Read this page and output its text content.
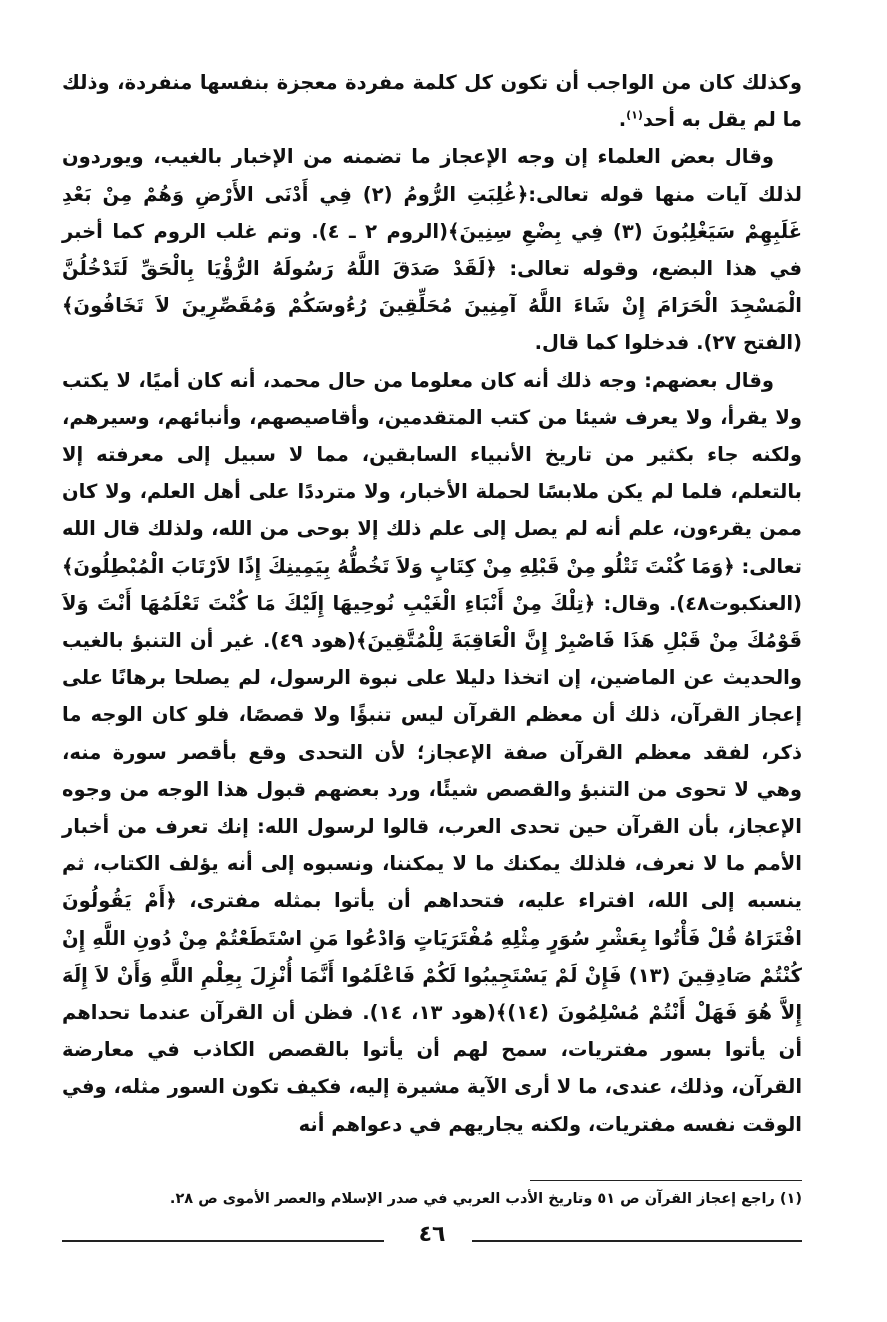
وكذلك كان من الواجب أن تكون كل كلمة مفردة معجزة بنفسها منفردة، وذلك ما لم يقل به أحد$^{(١)}$.

وقال بعض العلماء إن وجه الإعجاز ما تضمنه من الإخبار بالغيب، ويوردون لذلك آيات منها قوله تعالى:﴿غُلِبَتِ الرُّومُ (٢) فِي أَدْنَى الأَرْضِ وَهُمْ مِنْ بَعْدِ غَلَبِهِمْ سَيَغْلِبُونَ (٣) فِي بِضْعِ سِنِينَ﴾(الروم ٢ ـ ٤). وتم غلب الروم كما أخبر في هذا البضع، وقوله تعالى: ﴿لَقَدْ صَدَقَ اللَّهُ رَسُولَهُ الرُّؤْيَا بِالْحَقِّ لَتَدْخُلُنَّ الْمَسْجِدَ الْحَرَامَ إِنْ شَاءَ اللَّهُ آمِنِينَ مُحَلِّقِينَ رُءُوسَكُمْ وَمُقَصِّرِينَ لاَ تَخَافُونَ﴾(الفتح ٢٧). فدخلوا كما قال.

وقال بعضهم: وجه ذلك أنه كان معلوما من حال محمد، أنه كان أميًا، لا يكتب ولا يقرأ، ولا يعرف شيئا من كتب المتقدمين، وأقاصيصهم، وأنبائهم، وسيرهم، ولكنه جاء بكثير من تاريخ الأنبياء السابقين، مما لا سبيل إلى معرفته إلا بالتعلم، فلما لم يكن ملابسًا لحملة الأخبار، ولا مترددًا على أهل العلم، ولا كان ممن يقرءون، علم أنه لم يصل إلى علم ذلك إلا بوحى من الله، ولذلك قال الله تعالى: ﴿وَمَا كُنْتَ تَتْلُو مِنْ قَبْلِهِ مِنْ كِتَابٍ وَلاَ تَخُطُّهُ بِيَمِينِكَ إِذًا لاَرْتَابَ الْمُبْطِلُونَ﴾(العنكبوت٤٨). وقال: ﴿تِلْكَ مِنْ أَنْبَاءِ الْغَيْبِ نُوحِيهَا إِلَيْكَ مَا كُنْتَ تَعْلَمُهَا أَنْتَ وَلاَ قَوْمُكَ مِنْ قَبْلِ هَذَا فَاصْبِرْ إِنَّ الْعَاقِبَةَ لِلْمُتَّقِينَ﴾(هود ٤٩). غير أن التنبؤ بالغيب والحديث عن الماضين، إن اتخذا دليلا على نبوة الرسول، لم يصلحا برهانًا على إعجاز القرآن، ذلك أن معظم القرآن ليس تنبؤًا ولا قصصًا، فلو كان الوجه ما ذكر، لفقد معظم القرآن صفة الإعجاز؛ لأن التحدى وقع بأقصر سورة منه، وهي لا تحوى من التنبؤ والقصص شيئًا، ورد بعضهم قبول هذا الوجه من وجوه الإعجاز، بأن القرآن حين تحدى العرب، قالوا لرسول الله: إنك تعرف من أخبار الأمم ما لا نعرف، فلذلك يمكنك ما لا يمكننا، ونسبوه إلى أنه يؤلف الكتاب، ثم ينسبه إلى الله، افتراء عليه، فتحداهم أن يأتوا بمثله مفترى، ﴿أَمْ يَقُولُونَ افْتَرَاهُ قُلْ فَأْتُوا بِعَشْرِ سُوَرٍ مِثْلِهِ مُفْتَرَيَاتٍ وَادْعُوا مَنِ اسْتَطَعْتُمْ مِنْ دُونِ اللَّهِ إِنْ كُنْتُمْ صَادِقِينَ (١٣) فَإِنْ لَمْ يَسْتَجِيبُوا لَكُمْ فَاعْلَمُوا أَنَّمَا أُنْزِلَ بِعِلْمِ اللَّهِ وَأَنْ لاَ إِلَهَ إِلاَّ هُوَ فَهَلْ أَنْتُمْ مُسْلِمُونَ (١٤)﴾(هود ١٣، ١٤). فظن أن القرآن عندما تحداهم أن يأتوا بسور مفتريات، سمح لهم أن يأتوا بالقصص الكاذب في معارضة القرآن، وذلك، عندى، ما لا أرى الآية مشيرة إليه، فكيف تكون السور مثله، وفي الوقت نفسه مفتريات، ولكنه يجاريهم في دعواهم أنه

(١) راجع إعجاز القرآن ص ٥١ وتاريخ الأدب العربي في صدر الإسلام والعصر الأموى ص ٢٨.
٤٦
